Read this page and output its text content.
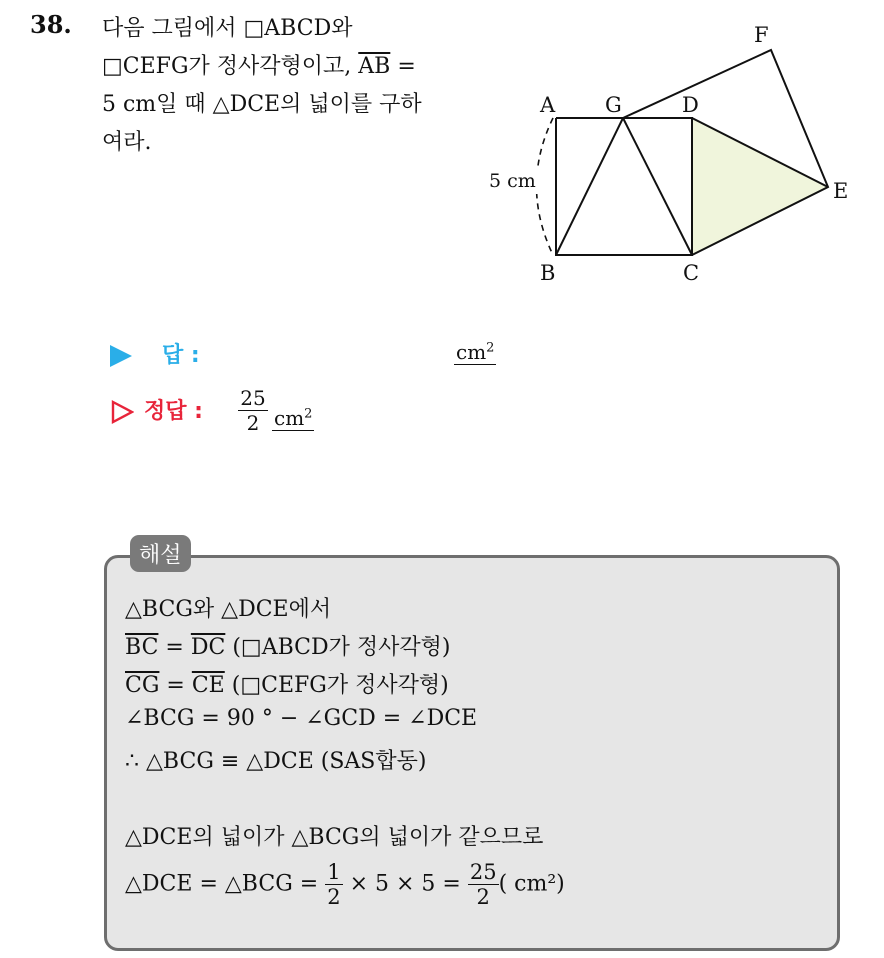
38. 다음 그림에서 □ABCD와
□CEFG가 정사각형이고, $\overline{AB}$ =
5 cm일 때 △DCE의 넓이를 구하
여라.
5 cm
A G	D
F
E
B	C
답 :	$cm^2$
정답 :
25
2 $cm^2$
해설
△BCG와 △DCE에서
$\overline{BC} = \overline{DC}$ (□ABCD가 정사각형)
$\overline{CG} = \overline{CE}$ (□CEFG가 정사각형)
∠BCG = 90 ° − ∠GCD = ∠DCE
∴ △BCG ≡ △DCE (SAS합동)
△DCE의 넓이가 △BCG의 넓이가 같으므로
△DCE = △BCG = $\frac{1}{2} \times 5 \times 5 = \frac{25}{2}$ ( cm²)
